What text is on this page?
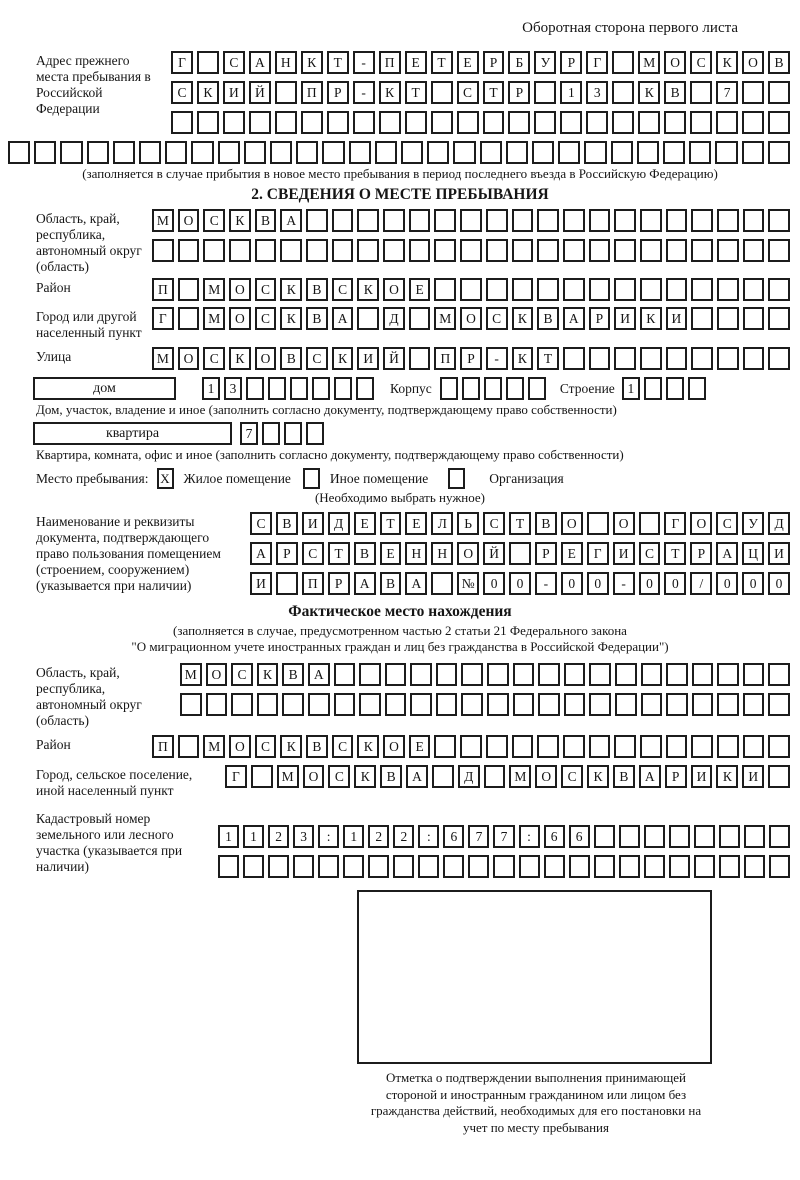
Оборотная сторона первого листа
Адрес прежнего места пребывания в Российской Федерации
Г	С	А	Н	К	Т	-	П	Е	Т	Е	Р	Б	У	Р	Г	М	О	С	К	О	В
С	К	И	Й	П	Р	-	К	Т	С	Т	Р	1	3	К	В	7
(заполняется в случае прибытия в новое место пребывания в период последнего въезда в Российскую Федерацию)
2. СВЕДЕНИЯ О МЕСТЕ ПРЕБЫВАНИЯ
Область, край, республика, автономный округ (область)
М	О	С	К	В	А
Район	П	М	О	С	К	В	С	К	О	Е
Город или другой населенный пункт
Г	М	О	С	К	В	А	Д	М	О	С	К	В	А	Р	И	К	И
Улица	М	О	С	К	О	В	С	К	И	Й	П	Р	-	К	Т
дом	1	3	Корпус	Строение 1
Дом, участок, владение и иное (заполнить согласно документу, подтверждающему право собственности)
квартира	7
Квартира, комната, офис и иное (заполнить согласно документу, подтверждающему право собственности)
Место пребывания: X Жилое помещение	Иное помещение	Организация
(Необходимо выбрать нужное)
Наименование и реквизиты документа, подтверждающего право пользования помещением (строением, сооружением) (указывается при наличии)
С	В	И	Д	Е	Т	Е	Л	Ь	С	Т	В	О	О	Г	О	С	У	Д
А	Р	С	Т	В	Е	Н	Н	О	Й	Р	Е	Г	И	С	Т	Р	А	Ц	И
И	П	Р	А	В	А	№	0	0	-	0	0	-	0	0	/	0	0	0
Фактическое место нахождения
(заполняется в случае, предусмотренном частью 2 статьи 21 Федерального закона
"О миграционном учете иностранных граждан и лиц без гражданства в Российской Федерации")
Область, край, республика, автономный округ (область)
М	О	С	К	В	А
Район	П	М	О	С	К	В	С	К	О	Е
Город, сельское поселение, иной населенный пункт
Г	М	О	С	К	В	А	Д	М	О	С	К	В	А	Р	И	К	И
Кадастровый номер земельного или лесного участка (указывается при наличии)
1	1	2	3	:	1	2	2	:	6	7	7	:	6	6
Отметка о подтверждении выполнения принимающей стороной и иностранным гражданином или лицом без гражданства действий, необходимых для его постановки на учет по месту пребывания
